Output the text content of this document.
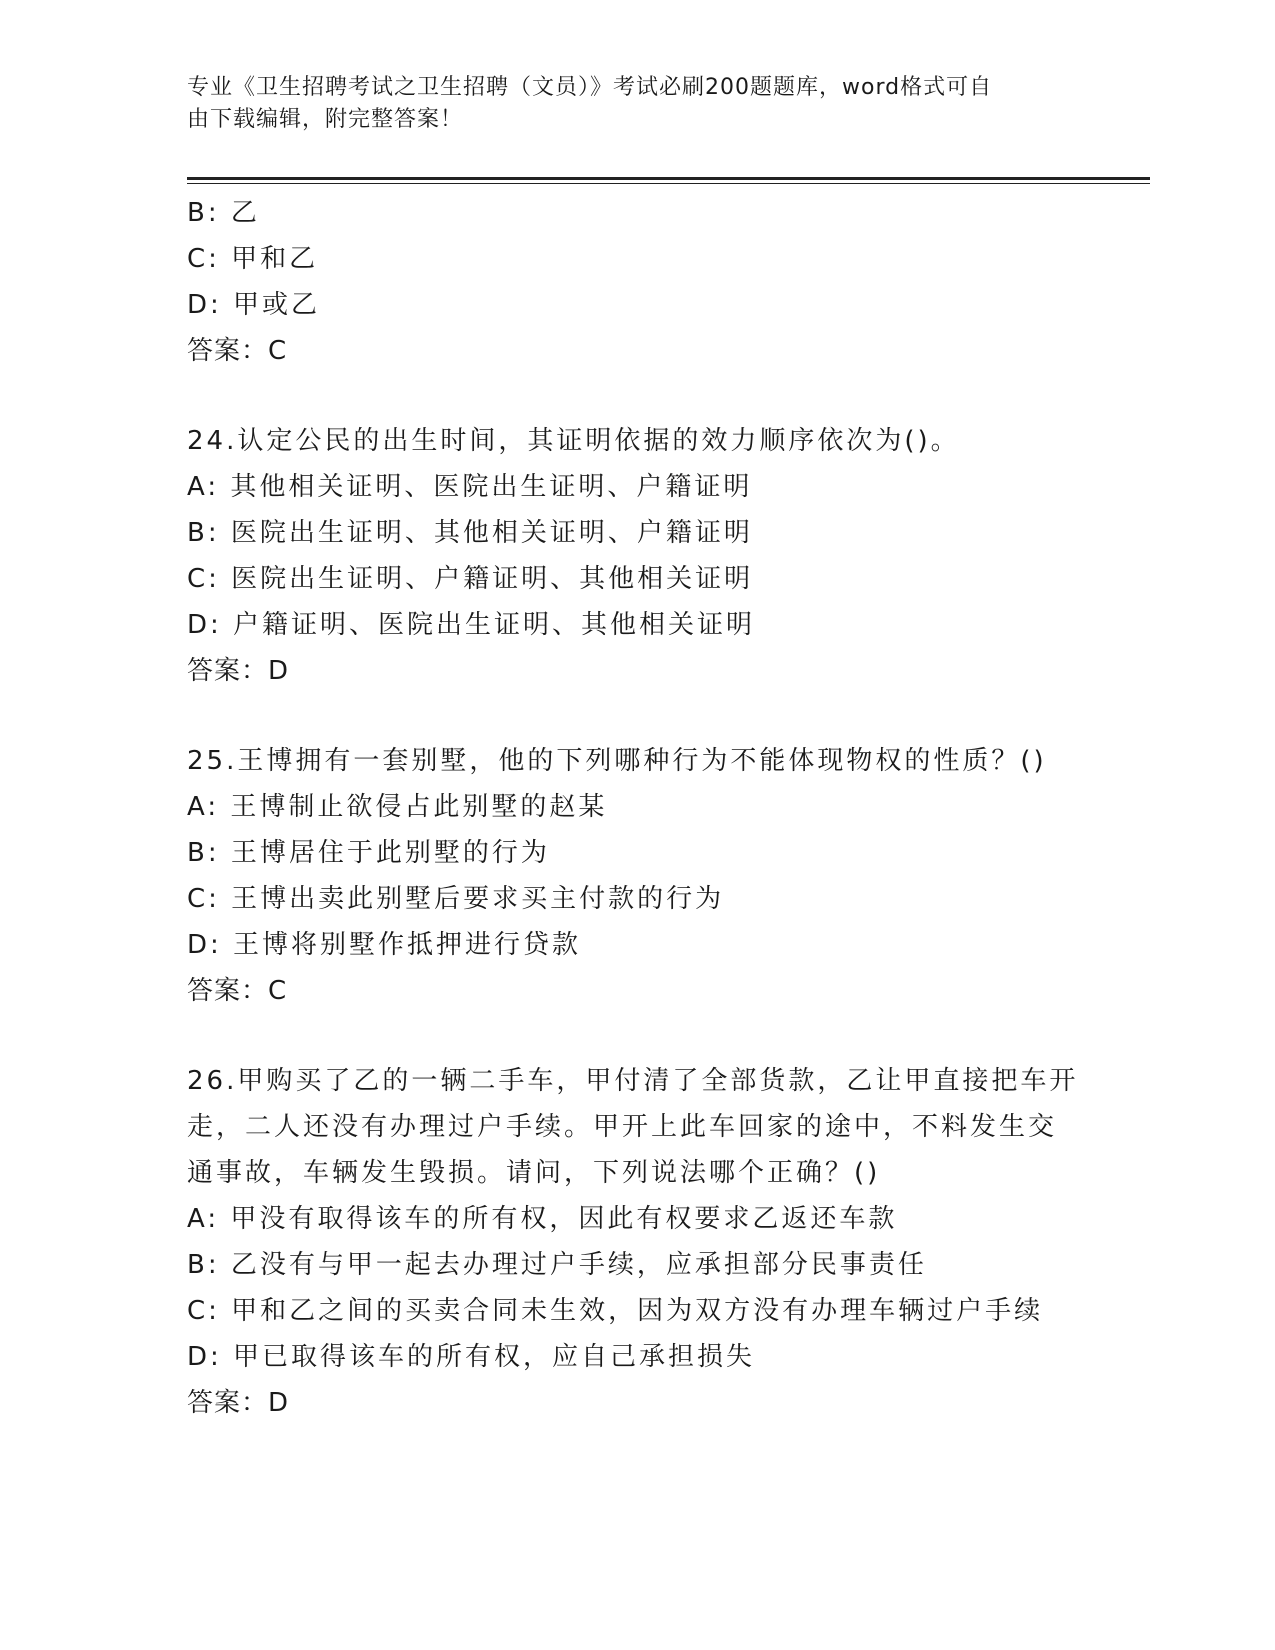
专业《卫生招聘考试之卫生招聘（文员）》考试必刷200题题库，word格式可自
由下载编辑，附完整答案！
B: 乙
C: 甲和乙
D: 甲或乙
答案：C
24.认定公民的出生时间，其证明依据的效力顺序依次为()。
A: 其他相关证明、医院出生证明、户籍证明
B: 医院出生证明、其他相关证明、户籍证明
C: 医院出生证明、户籍证明、其他相关证明
D: 户籍证明、医院出生证明、其他相关证明
答案：D
25.王博拥有一套别墅，他的下列哪种行为不能体现物权的性质？()
A: 王博制止欲侵占此别墅的赵某
B: 王博居住于此别墅的行为
C: 王博出卖此别墅后要求买主付款的行为
D: 王博将别墅作抵押进行贷款
答案：C
26.甲购买了乙的一辆二手车，甲付清了全部货款，乙让甲直接把车开
走，二人还没有办理过户手续。甲开上此车回家的途中，不料发生交
通事故，车辆发生毁损。请问，下列说法哪个正确？()
A: 甲没有取得该车的所有权，因此有权要求乙返还车款
B: 乙没有与甲一起去办理过户手续，应承担部分民事责任
C: 甲和乙之间的买卖合同未生效，因为双方没有办理车辆过户手续
D: 甲已取得该车的所有权，应自己承担损失
答案：D
